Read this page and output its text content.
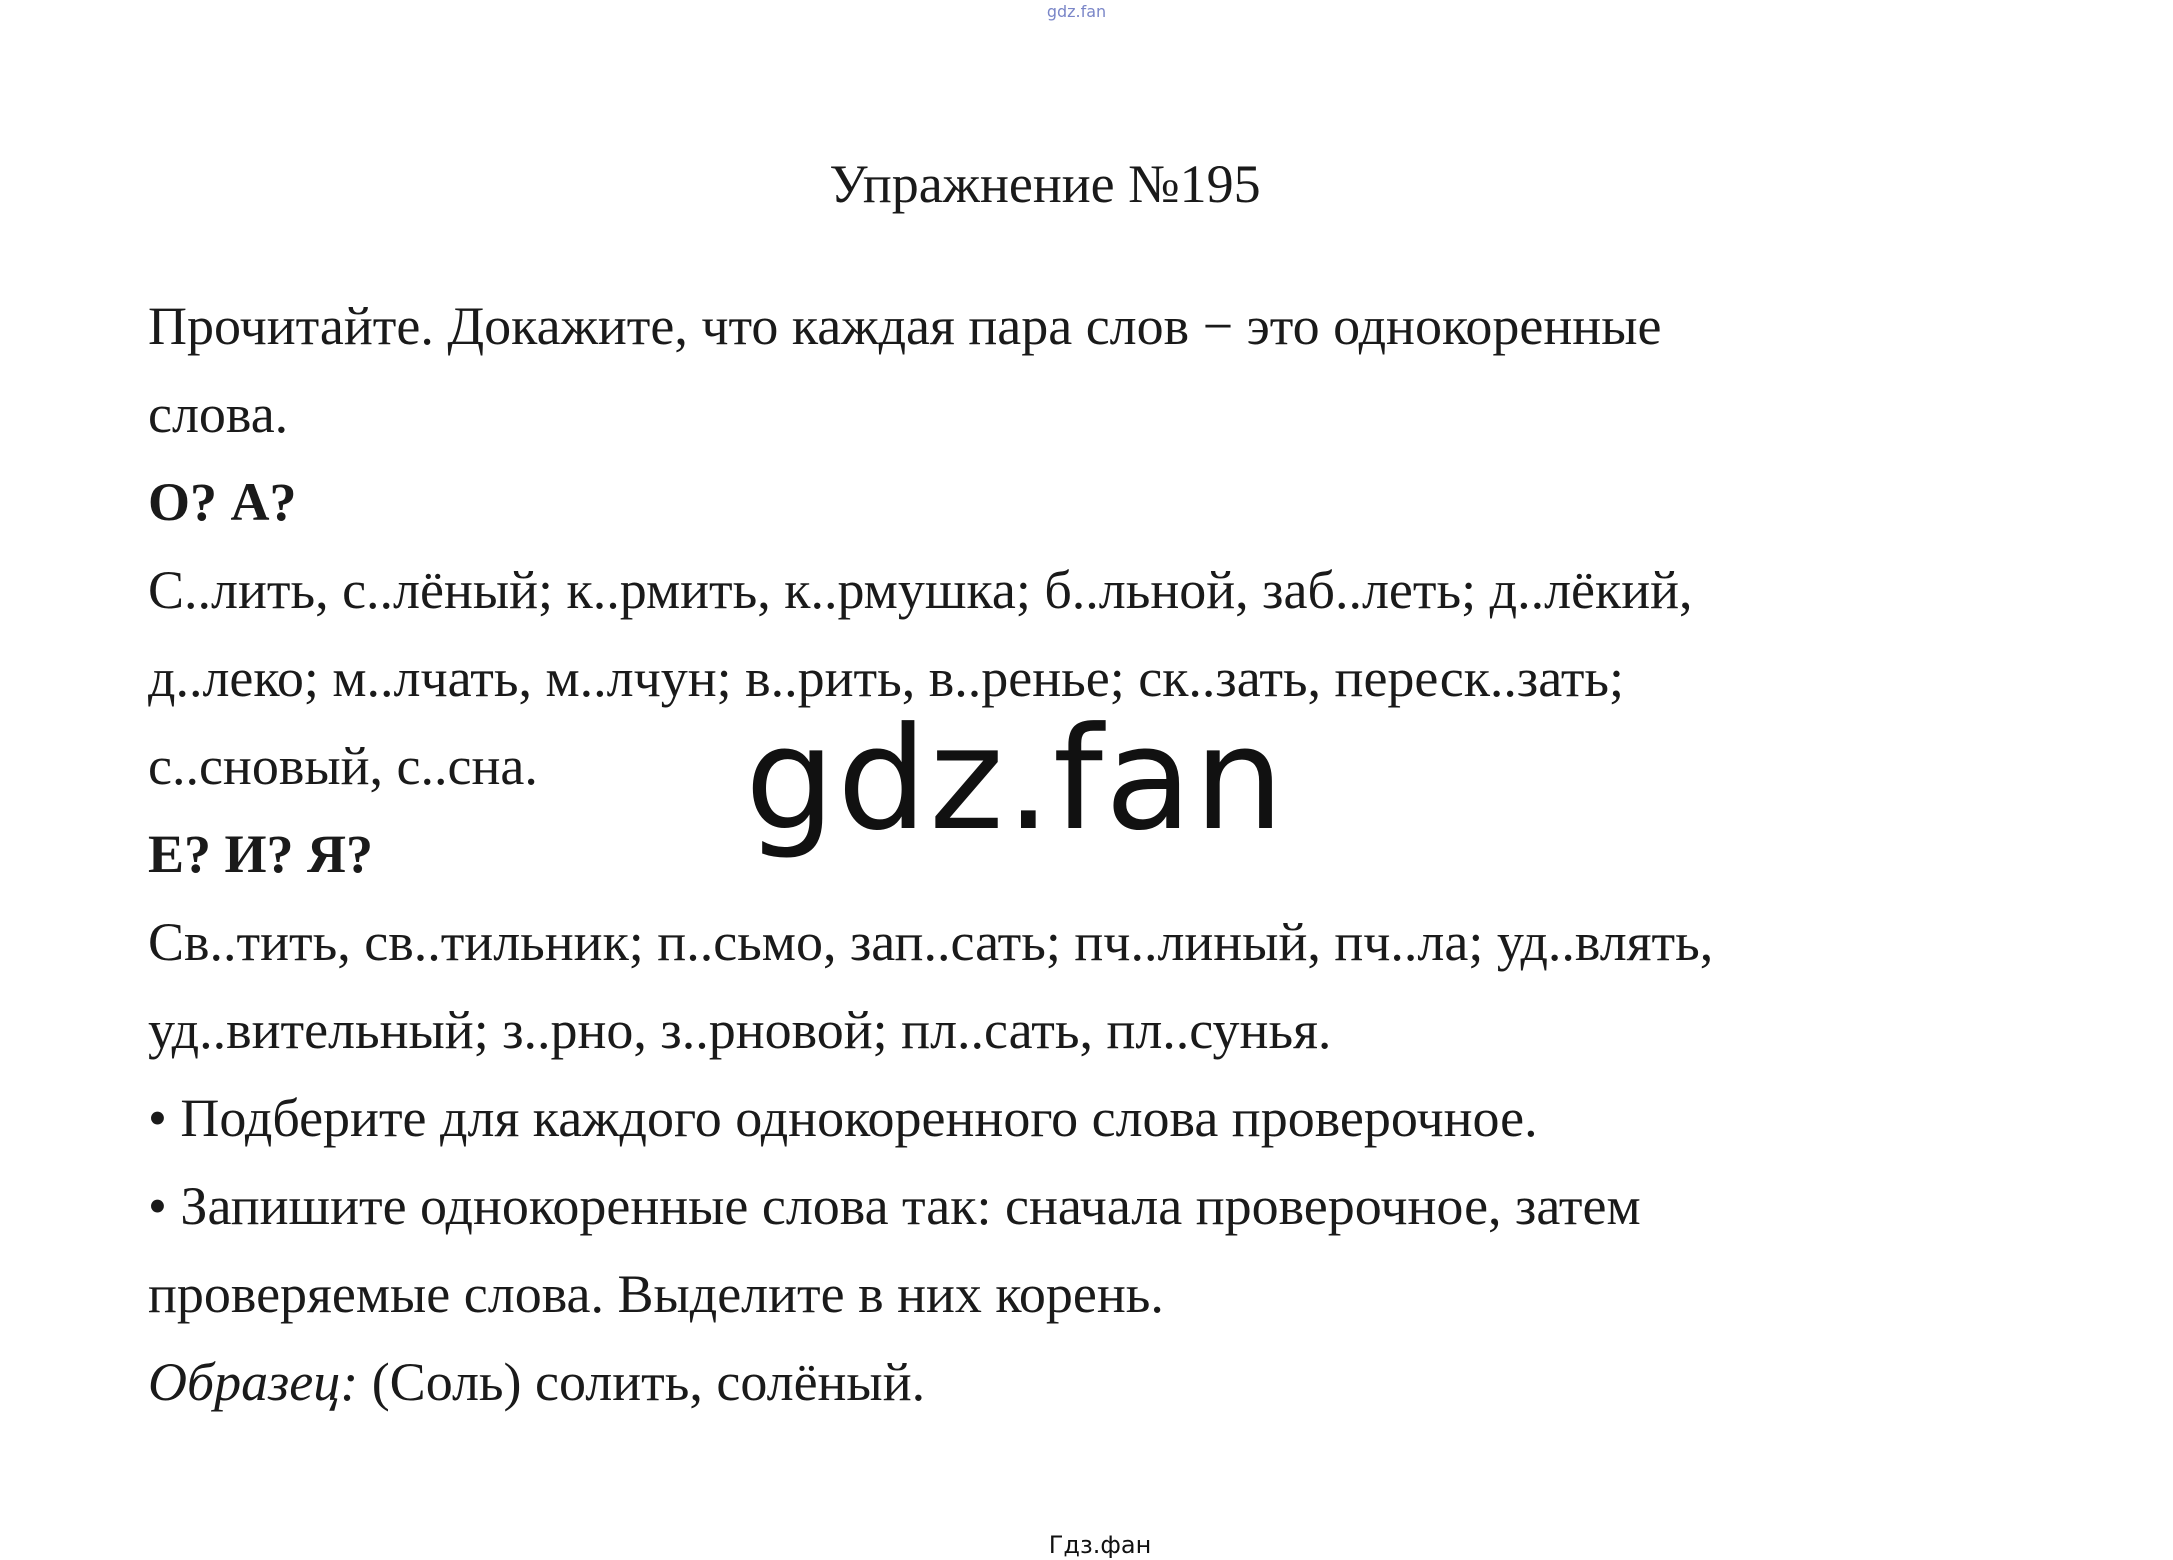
gdz.fan
Упражнение №195
Прочитайте. Докажите, что каждая пара слов − это однокоренные
слова.
О? А?
С..лить, с..лёный; к..рмить, к..рмушка; б..льной, заб..леть; д..лёкий,
д..леко; м..лчать, м..лчун; в..рить, в..ренье; ск..зать, переск..зать;
с..сновый, с..сна.
Е? И? Я?
Св..тить, св..тильник; п..сьмо, зап..сать; пч..линый, пч..ла; уд..влять,
уд..вительный; з..рно, з..рновой; пл..сать, пл..сунья.
• Подберите для каждого однокоренного слова проверочное.
• Запишите однокоренные слова так: сначала проверочное, затем
проверяемые слова. Выделите в них корень.
Образец: (Соль) солить, солёный.
gdz.fan
Гдз.фан
